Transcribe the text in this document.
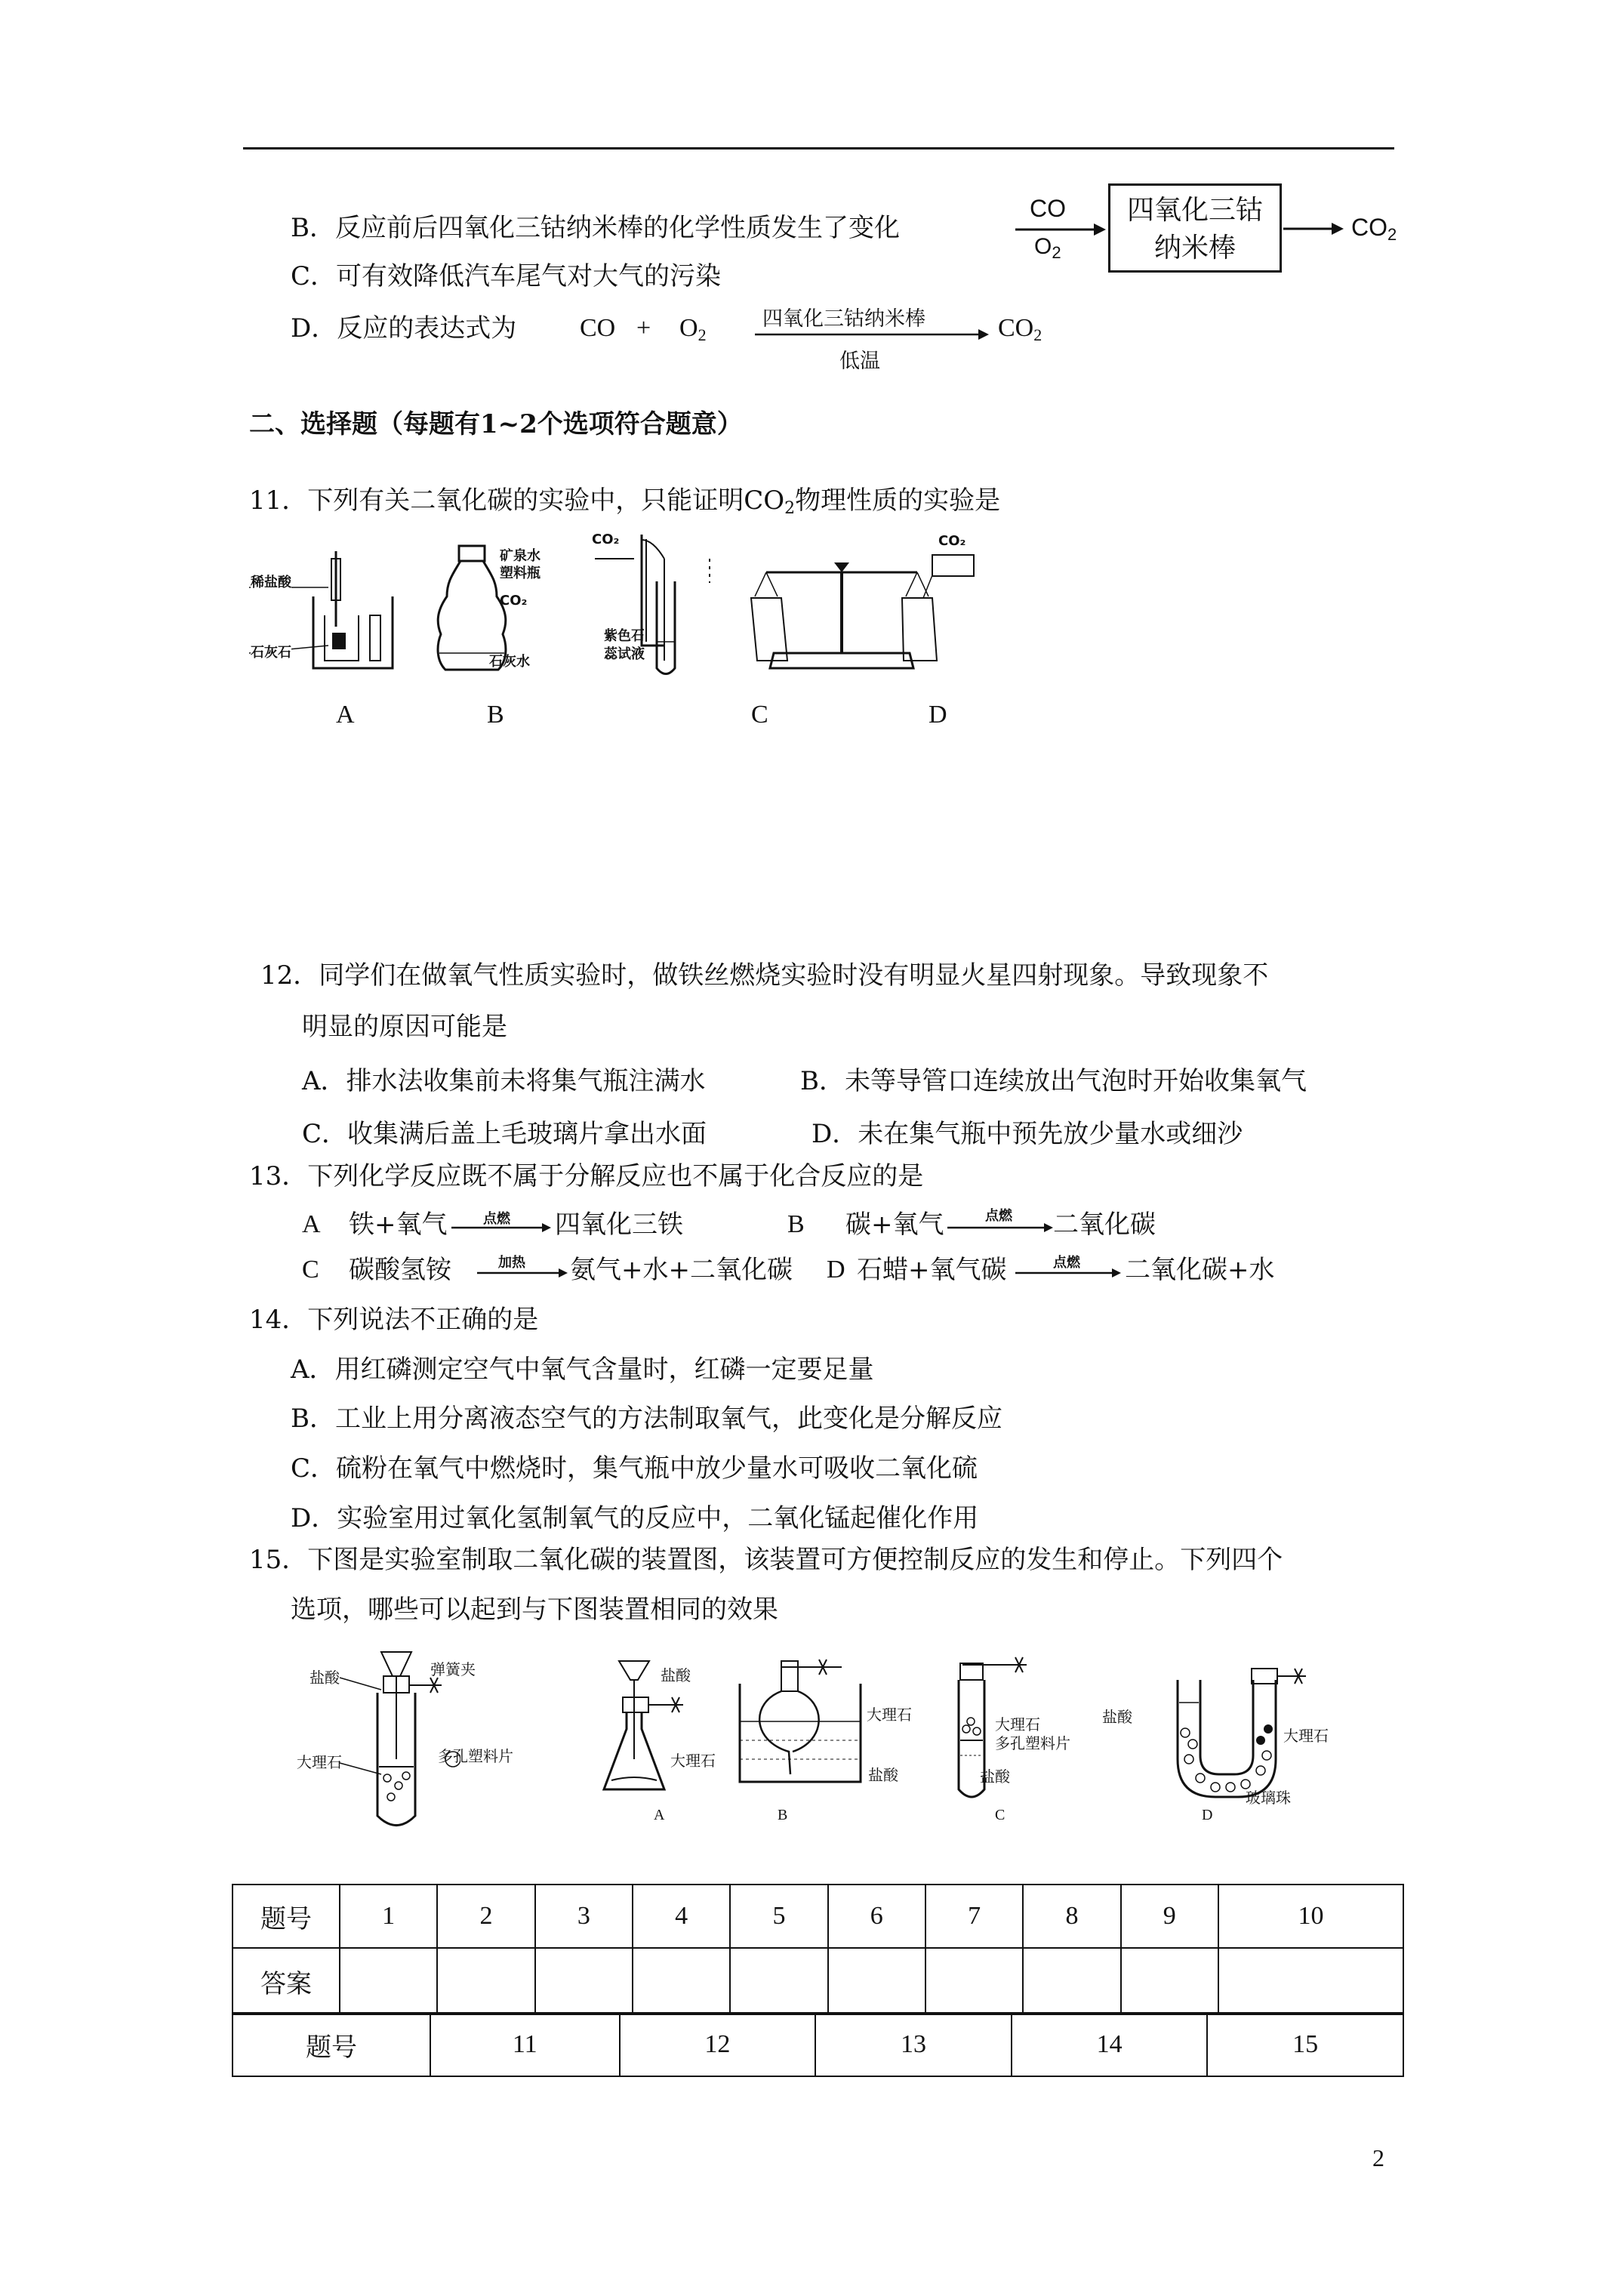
B．反应前后四氧化三钴纳米棒的化学性质发生了变化
C．可有效降低汽车尾气对大气的污染
D．反应的表达式为 CO + $O_2$
四氧化三钴纳米棒
低温
$CO_2$
CO
$O_2$
四氧化三钴
纳米棒
$CO_2$
二、选择题（每题有1~2个选项符合题意）
11．下列有关二氧化碳的实验中，只能证明$CO_2$物理性质的实验是
稀盐酸
石灰石
矿泉水
塑料瓶
CO₂
石灰水
CO₂
紫色石
蕊试液
CO₂
A	B	C	D
12．同学们在做氧气性质实验时，做铁丝燃烧实验时没有明显火星四射现象。导致现象不
明显的原因可能是
A．排水法收集前未将集气瓶注满水	B．未等导管口连续放出气泡时开始收集氧气
C．收集满后盖上毛玻璃片拿出水面	D．未在集气瓶中预先放少量水或细沙
13．下列化学反应既不属于分解反应也不属于化合反应的是
A 铁+氧气	点燃 四氧化三铁	B 碳+氧气	点燃 二氧化碳
C 碳酸氢铵	加热 氨气+水+二氧化碳 D 石蜡+氧气碳	点燃 二氧化碳+水
14．下列说法不正确的是
A．用红磷测定空气中氧气含量时，红磷一定要足量
B．工业上用分离液态空气的方法制取氧气，此变化是分解反应
C．硫粉在氧气中燃烧时，集气瓶中放少量水可吸收二氧化硫
D．实验室用过氧化氢制氧气的反应中，二氧化锰起催化作用
15．下图是实验室制取二氧化碳的装置图，该装置可方便控制反应的发生和停止。下列四个
选项，哪些可以起到与下图装置相同的效果
盐酸	弹簧夹
大理石	多孔塑料片
盐酸
大理石
大理石
盐酸
大理石
多孔塑料片
盐酸
盐酸
大理石
玻璃珠
A	B	C	D
题号	1	2	3	4	5	6	7	8	9	10
答案										
题号	11	12	13	14	15
2
